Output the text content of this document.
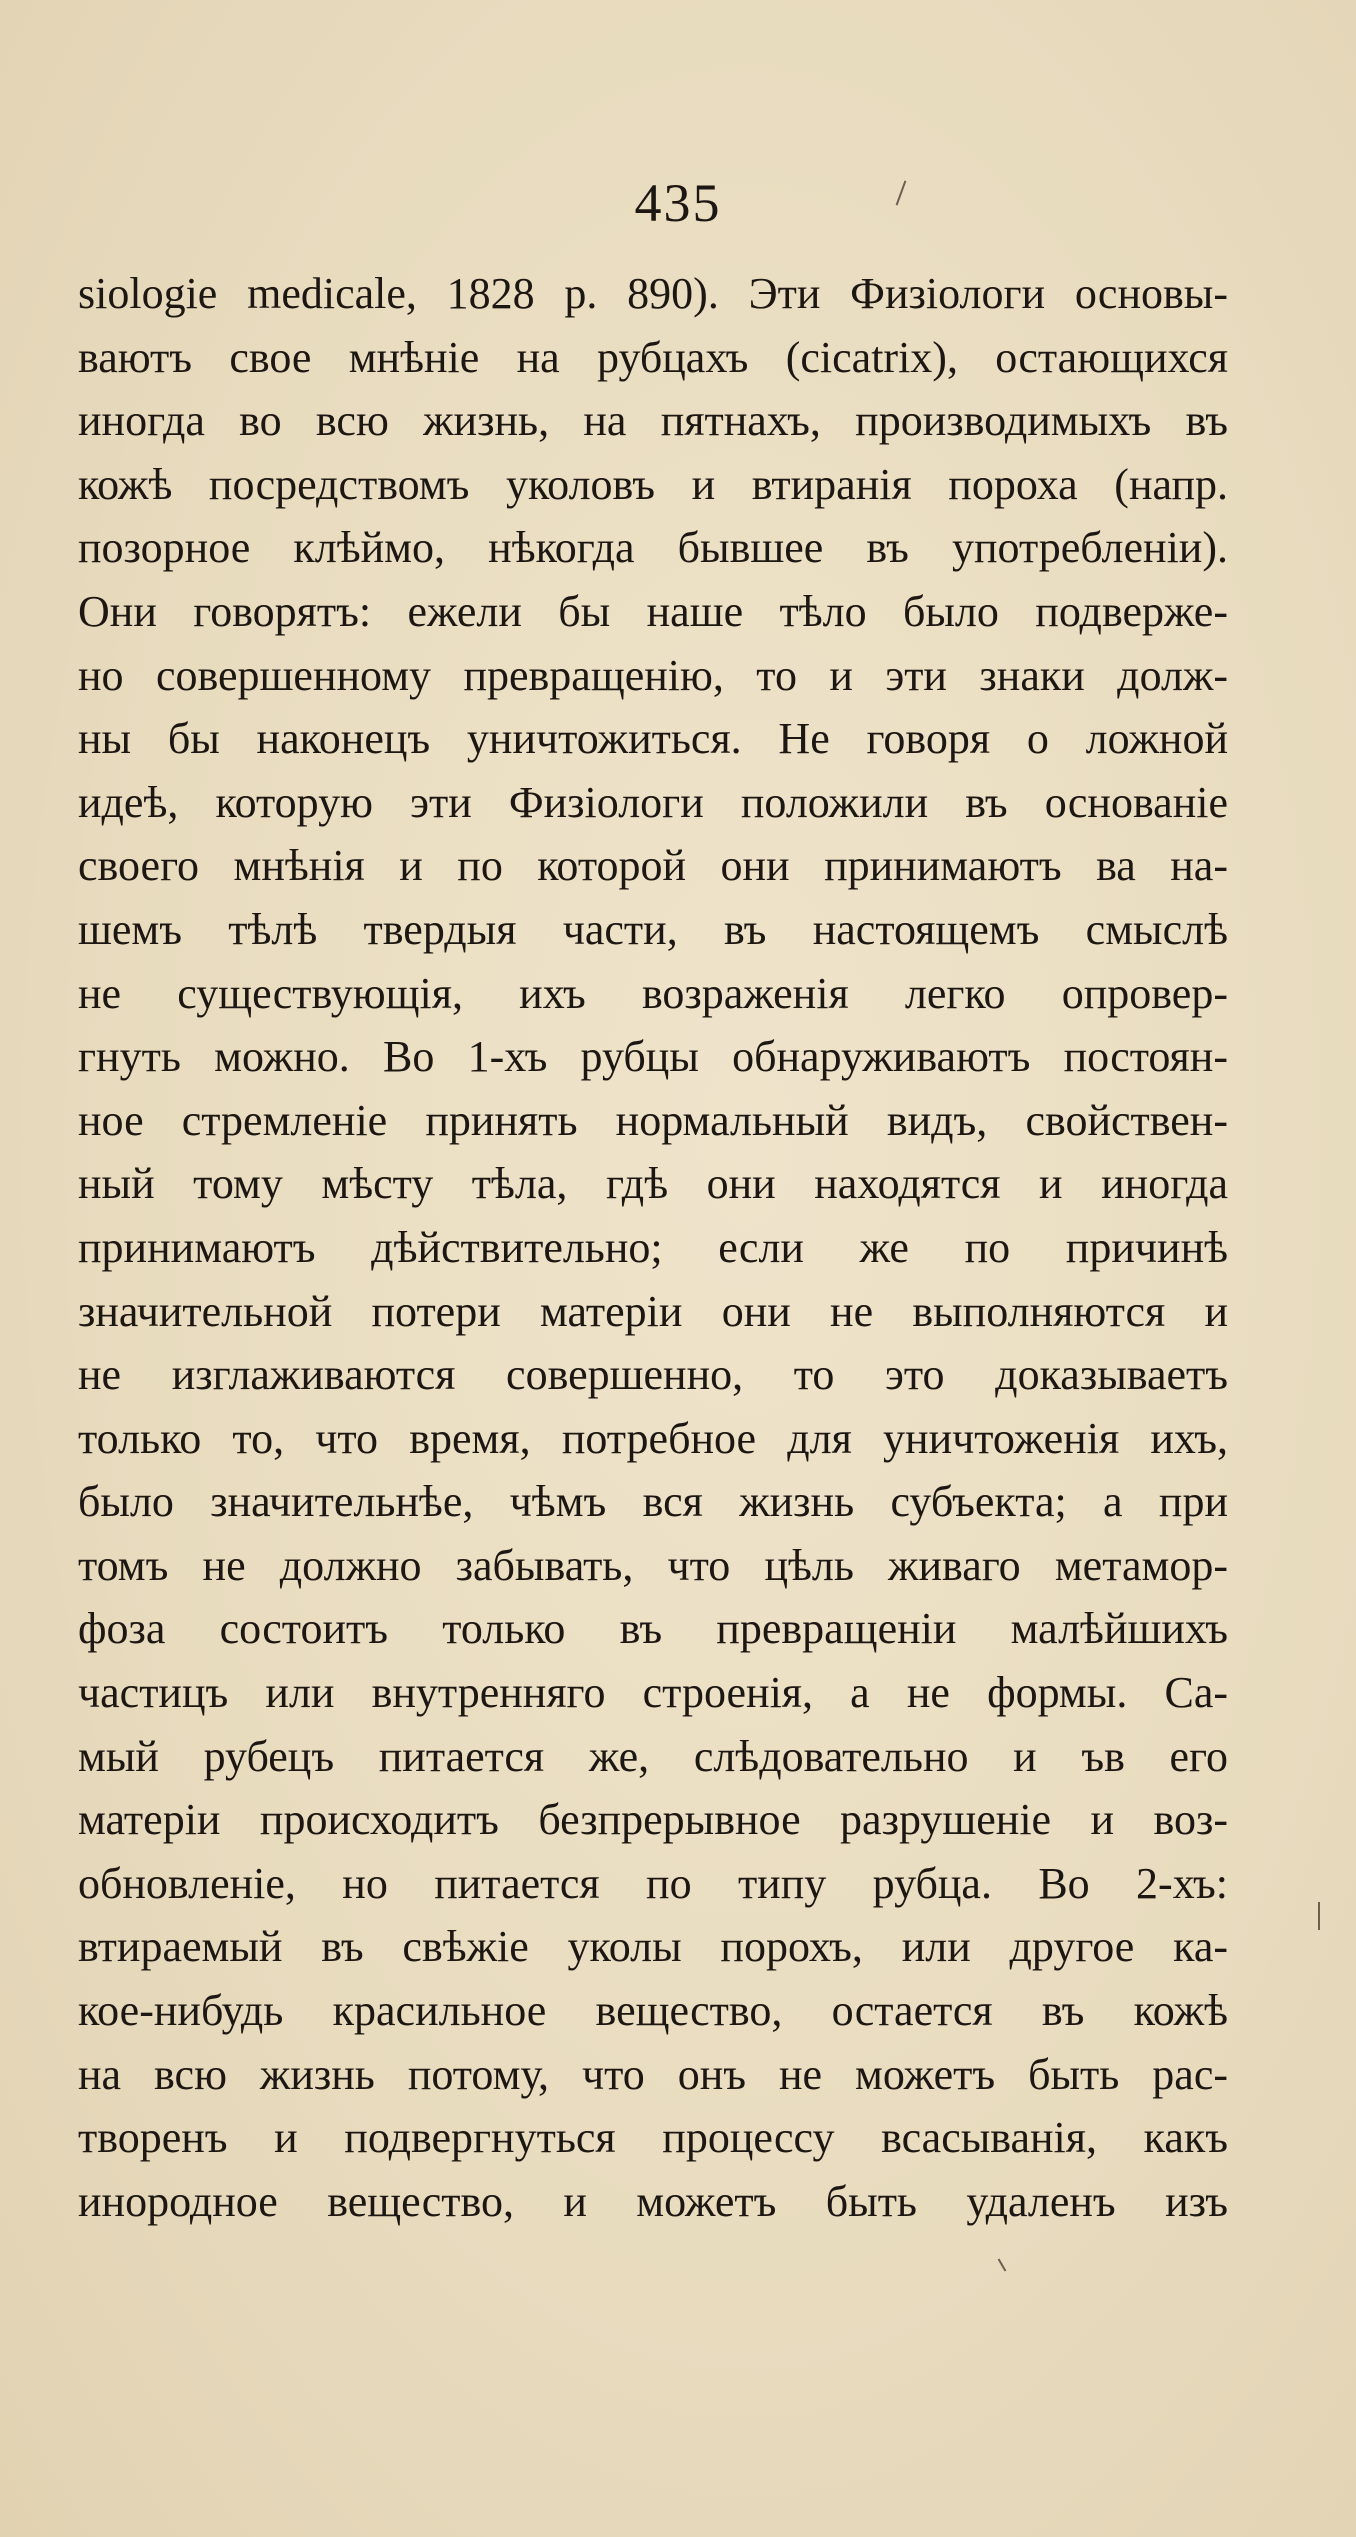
435
siologie medicale, 1828 p. 890). Эти Физіологи основы-
ваютъ свое мнѣніе на рубцахъ (cicatrix), остающихся
иногда во всю жизнь, на пятнахъ, производимыхъ въ
кожѣ посредствомъ уколовъ и втиранія пороха (напр.
позорное клѣймо, нѣкогда бывшее въ употребленіи).
Они говорятъ: ежели бы наше тѣло было подверже-
но совершенному превращенію, то и эти знаки долж-
ны бы наконецъ уничтожиться. Не говоря о ложной
идеѣ, которую эти Физіологи положили въ основаніе
своего мнѣнія и по которой они принимаютъ ва на-
шемъ тѣлѣ твердыя части, въ настоящемъ смыслѣ
не существующія, ихъ возраженія легко опровер-
гнуть можно. Во 1-хъ рубцы обнаруживаютъ постоян-
ное стремленіе принять нормальный видъ, свойствен-
ный тому мѣсту тѣла, гдѣ они находятся и иногда
принимаютъ дѣйствительно; если же по причинѣ
значительной потери матеріи они не выполняются и
не изглаживаются совершенно, то это доказываетъ
только то, что время, потребное для уничтоженія ихъ,
было значительнѣе, чѣмъ вся жизнь субъекта; а при
томъ не должно забывать, что цѣль живаго метамор-
фоза состоитъ только въ превращеніи малѣйшихъ
частицъ или внутренняго строенія, а не формы. Са-
мый рубецъ питается же, слѣдовательно и ъв его
матеріи происходитъ безпрерывное разрушеніе и воз-
обновленіе, но питается по типу рубца. Во 2-хъ:
втираемый въ свѣжіе уколы порохъ, или другое ка-
кое-нибудь красильное вещество, остается въ кожѣ
на всю жизнь потому, что онъ не можетъ быть рас-
творенъ и подвергнуться процессу всасыванія, какъ
инородное вещество, и можетъ быть удаленъ изъ
